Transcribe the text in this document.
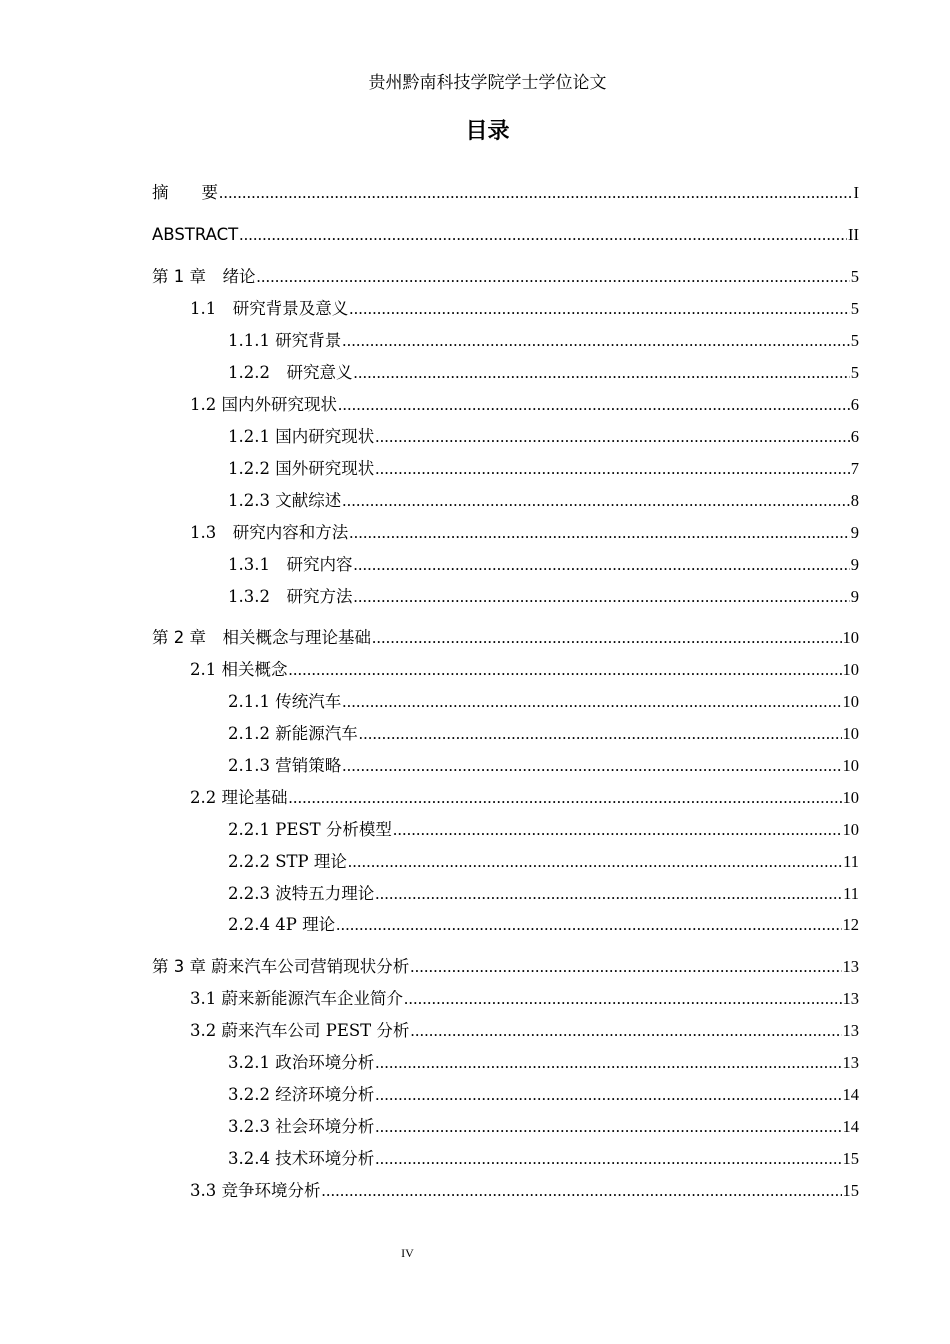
贵州黔南科技学院学士学位论文
目录
摘　　要 .....	I
ABSTRACT .....	II
第 1 章　绪论 .....	5
1.1　研究背景及意义 .....	5
1.1.1 研究背景 .....	5
1.2.2　研究意义 .....	5
1.2 国内外研究现状 .....	6
1.2.1 国内研究现状 .....	6
1.2.2 国外研究现状 .....	7
1.2.3 文献综述 .....	8
1.3　研究内容和方法 .....	9
1.3.1　研究内容 .....	9
1.3.2　研究方法 .....	9
第 2 章　相关概念与理论基础 .....	10
2.1 相关概念 .....	10
2.1.1 传统汽车 .....	10
2.1.2 新能源汽车 .....	10
2.1.3 营销策略 .....	10
2.2 理论基础 .....	10
2.2.1 PEST 分析模型 .....	10
2.2.2 STP 理论 .....	11
2.2.3 波特五力理论 .....	11
2.2.4 4P 理论 .....	12
第 3 章 蔚来汽车公司营销现状分析 .....	13
3.1 蔚来新能源汽车企业简介 .....	13
3.2 蔚来汽车公司 PEST 分析 .....	13
3.2.1 政治环境分析 .....	13
3.2.2 经济环境分析 .....	14
3.2.3 社会环境分析 .....	14
3.2.4 技术环境分析 .....	15
3.3 竞争环境分析 .....	15
IV
